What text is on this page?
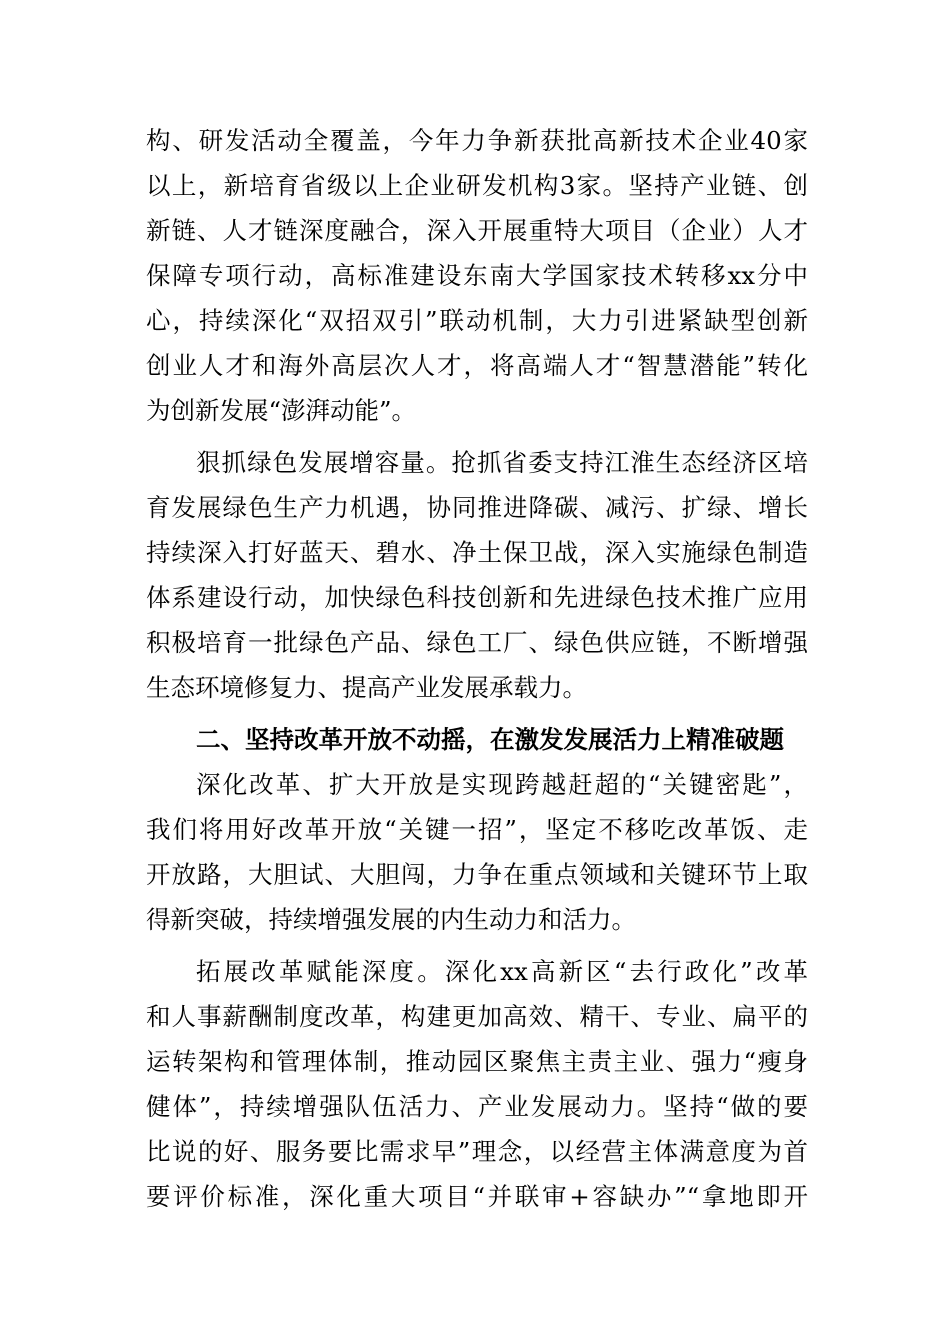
构、研发活动全覆盖，今年力争新获批高新技术企业40家
以上，新培育省级以上企业研发机构3家。坚持产业链、创
新链、人才链深度融合，深入开展重特大项目（企业）人才
保障专项行动，高标准建设东南大学国家技术转移xx分中
心，持续深化“双招双引”联动机制，大力引进紧缺型创新
创业人才和海外高层次人才，将高端人才“智慧潜能”转化
为创新发展“澎湃动能”。
狠抓绿色发展增容量。抢抓省委支持江淮生态经济区培
育发展绿色生产力机遇，协同推进降碳、减污、扩绿、增长
持续深入打好蓝天、碧水、净土保卫战，深入实施绿色制造
体系建设行动，加快绿色科技创新和先进绿色技术推广应用
积极培育一批绿色产品、绿色工厂、绿色供应链，不断增强
生态环境修复力、提高产业发展承载力。
二、坚持改革开放不动摇，在激发发展活力上精准破题
深化改革、扩大开放是实现跨越赶超的“关键密匙”，
我们将用好改革开放“关键一招”，坚定不移吃改革饭、走
开放路，大胆试、大胆闯，力争在重点领域和关键环节上取
得新突破，持续增强发展的内生动力和活力。
拓展改革赋能深度。深化xx高新区“去行政化”改革
和人事薪酬制度改革，构建更加高效、精干、专业、扁平的
运转架构和管理体制，推动园区聚焦主责主业、强力“瘦身
健体”，持续增强队伍活力、产业发展动力。坚持“做的要
比说的好、服务要比需求早”理念，以经营主体满意度为首
要评价标准，深化重大项目“并联审+容缺办”“拿地即开
